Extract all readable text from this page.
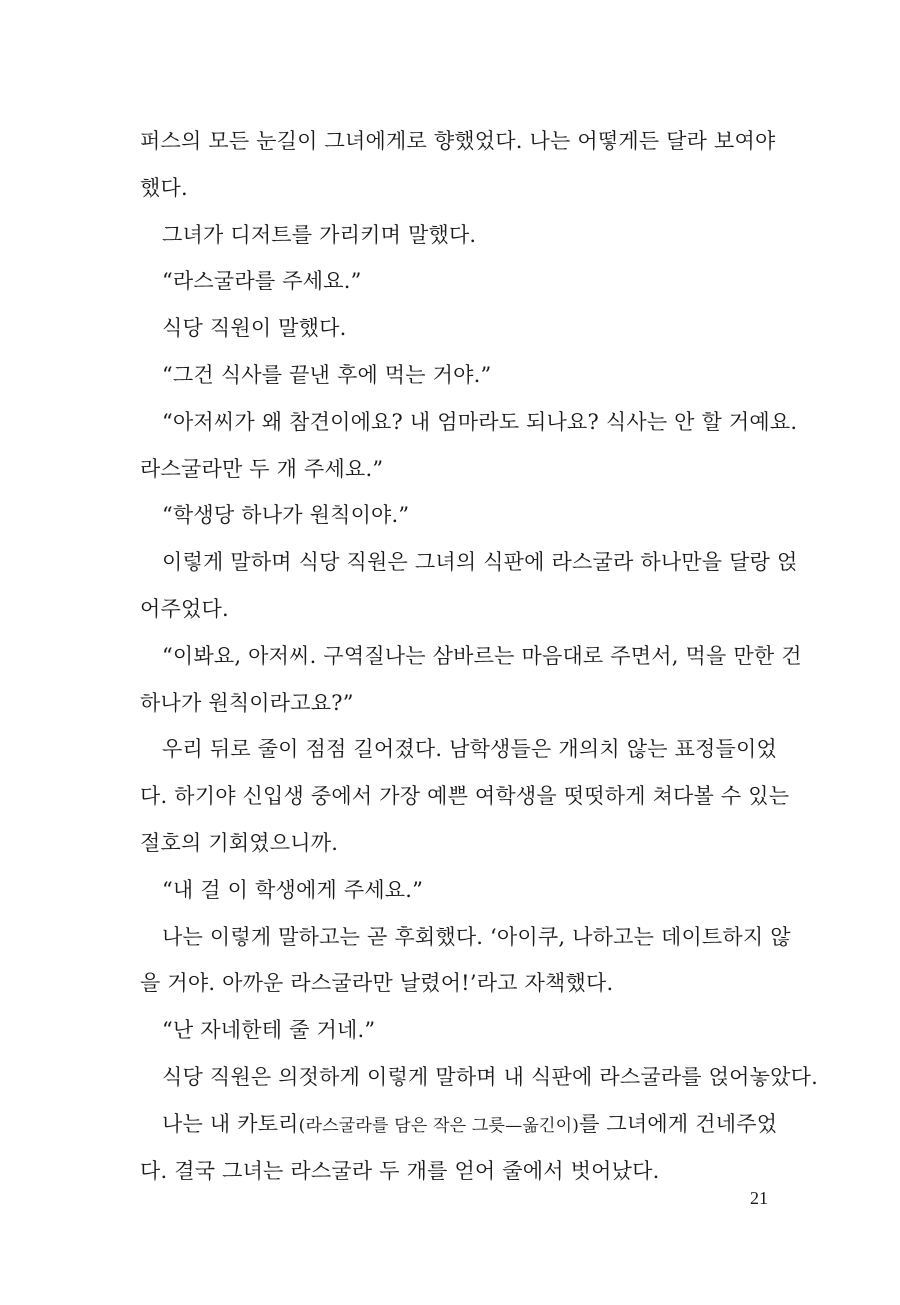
퍼스의 모든 눈길이 그녀에게로 향했었다. 나는 어떻게든 달라 보여야
했다.
그녀가 디저트를 가리키며 말했다.
“라스굴라를 주세요.”
식당 직원이 말했다.
“그건 식사를 끝낸 후에 먹는 거야.”
“아저씨가 왜 참견이에요? 내 엄마라도 되나요? 식사는 안 할 거예요.
라스굴라만 두 개 주세요.”
“학생당 하나가 원칙이야.”
이렇게 말하며 식당 직원은 그녀의 식판에 라스굴라 하나만을 달랑 얹
어주었다.
“이봐요, 아저씨. 구역질나는 삼바르는 마음대로 주면서, 먹을 만한 건
하나가 원칙이라고요?”
우리 뒤로 줄이 점점 길어졌다. 남학생들은 개의치 않는 표정들이었
다. 하기야 신입생 중에서 가장 예쁜 여학생을 떳떳하게 쳐다볼 수 있는
절호의 기회였으니까.
“내 걸 이 학생에게 주세요.”
나는 이렇게 말하고는 곧 후회했다. ‘아이쿠, 나하고는 데이트하지 않
을 거야. 아까운 라스굴라만 날렸어!’라고 자책했다.
“난 자네한테 줄 거네.”
식당 직원은 의젓하게 이렇게 말하며 내 식판에 라스굴라를 얹어놓았다.
나는 내 카토리(라스굴라를 담은 작은 그릇—옮긴이)를 그녀에게 건네주었
다. 결국 그녀는 라스굴라 두 개를 얻어 줄에서 벗어났다.
21
